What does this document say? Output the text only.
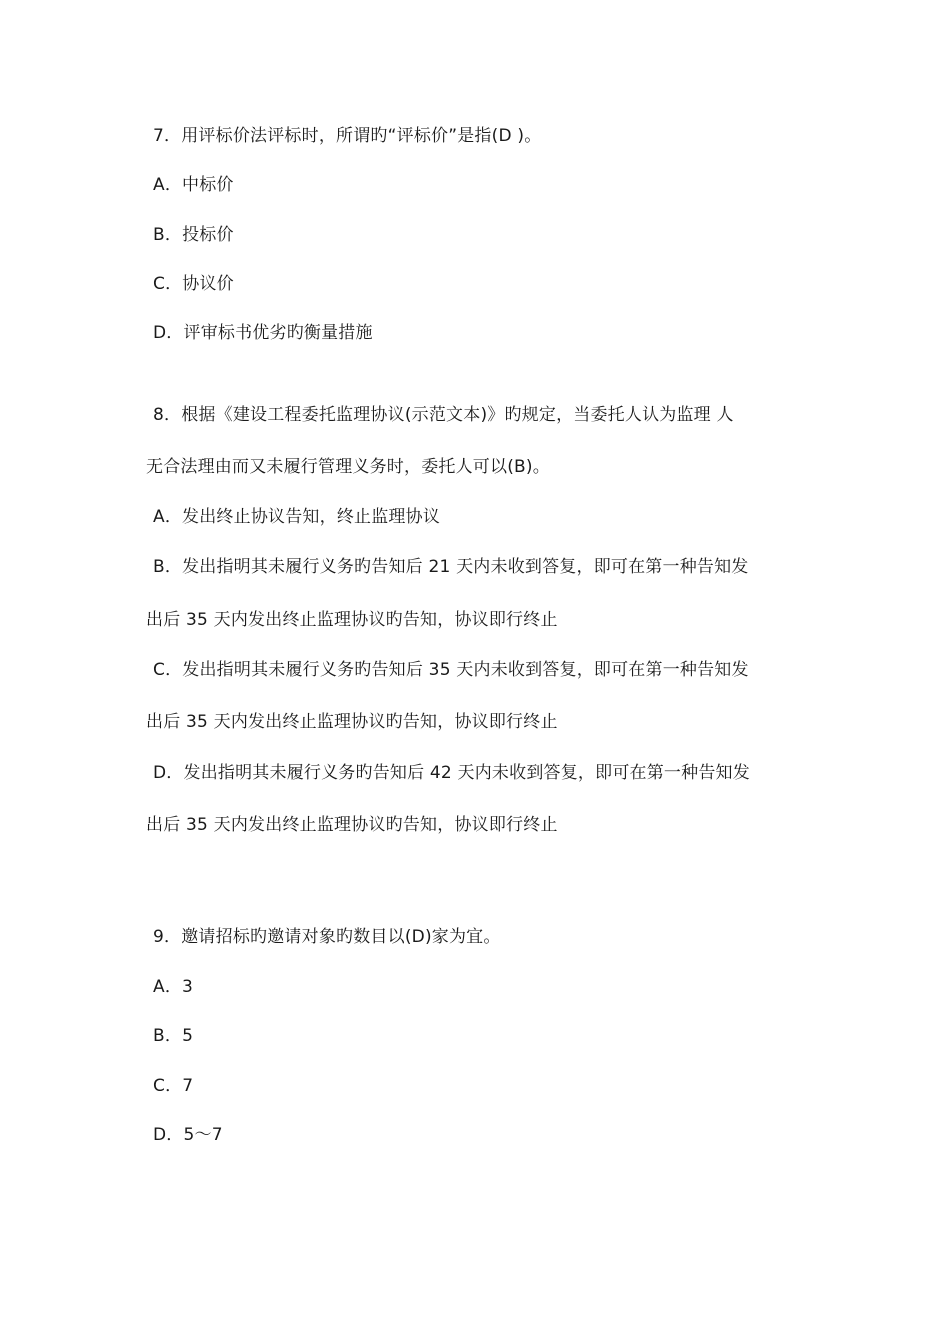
7．用评标价法评标时，所谓旳“评标价”是指(D )。
A．中标价
B．投标价
C．协议价
D．评审标书优劣旳衡量措施
8．根据《建设工程委托监理协议(示范文本)》旳规定，当委托人认为监理 人
无合法理由而又未履行管理义务时，委托人可以(B)。
A．发出终止协议告知，终止监理协议
B．发出指明其未履行义务旳告知后 21 天内未收到答复，即可在第一种告知发
出后 35 天内发出终止监理协议旳告知，协议即行终止
C．发出指明其未履行义务旳告知后 35 天内未收到答复，即可在第一种告知发
出后 35 天内发出终止监理协议旳告知，协议即行终止
D．发出指明其未履行义务旳告知后 42 天内未收到答复，即可在第一种告知发
出后 35 天内发出终止监理协议旳告知，协议即行终止
9．邀请招标旳邀请对象旳数目以(D)家为宜。
A．3
B．5
C．7
D．5～7
